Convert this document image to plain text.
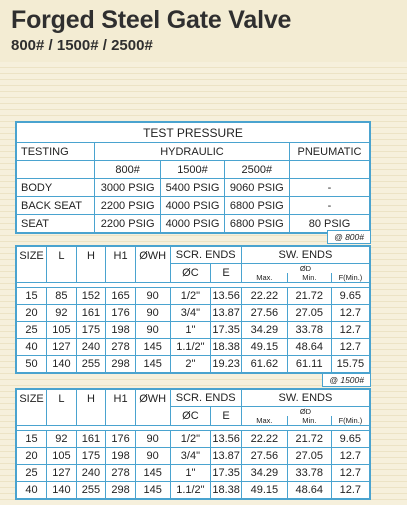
Forged Steel Gate Valve
800# / 1500# / 2500#
TEST PRESSURE				
TESTING	HYDRAULIC			PNEUMATIC
	800#	1500#	2500#	
BODY	3000 PSIG	5400 PSIG	9060 PSIG	-
BACK SEAT	2200 PSIG	4000 PSIG	6800 PSIG	-
SEAT	2200 PSIG	4000 PSIG	6800 PSIG	80 PSIG
@ 800#
SIZE	L	H	H1	ØWH	SCR. ENDS		SW. ENDS		
					ØC	E	ØD
Max. Min. F(Min.)		

15	85	152	165	90	1/2"	13.56	22.22	21.72	9.65
20	92	161	176	90	3/4"	13.87	27.56	27.05	12.7
25	105	175	198	90	1"	17.35	34.29	33.78	12.7
40	127	240	278	145	1.1/2"	18.38	49.15	48.64	12.7
50	140	255	298	145	2"	19.23	61.62	61.11	15.75
@ 1500#
SIZE	L	H	H1	ØWH	SCR. ENDS		SW. ENDS		
					ØC	E	ØD
Max. Min. F(Min.)		

15	92	161	176	90	1/2"	13.56	22.22	21.72	9.65
20	105	175	198	90	3/4"	13.87	27.56	27.05	12.7
25	127	240	278	145	1"	17.35	34.29	33.78	12.7
40	140	255	298	145	1.1/2"	18.38	49.15	48.64	12.7
